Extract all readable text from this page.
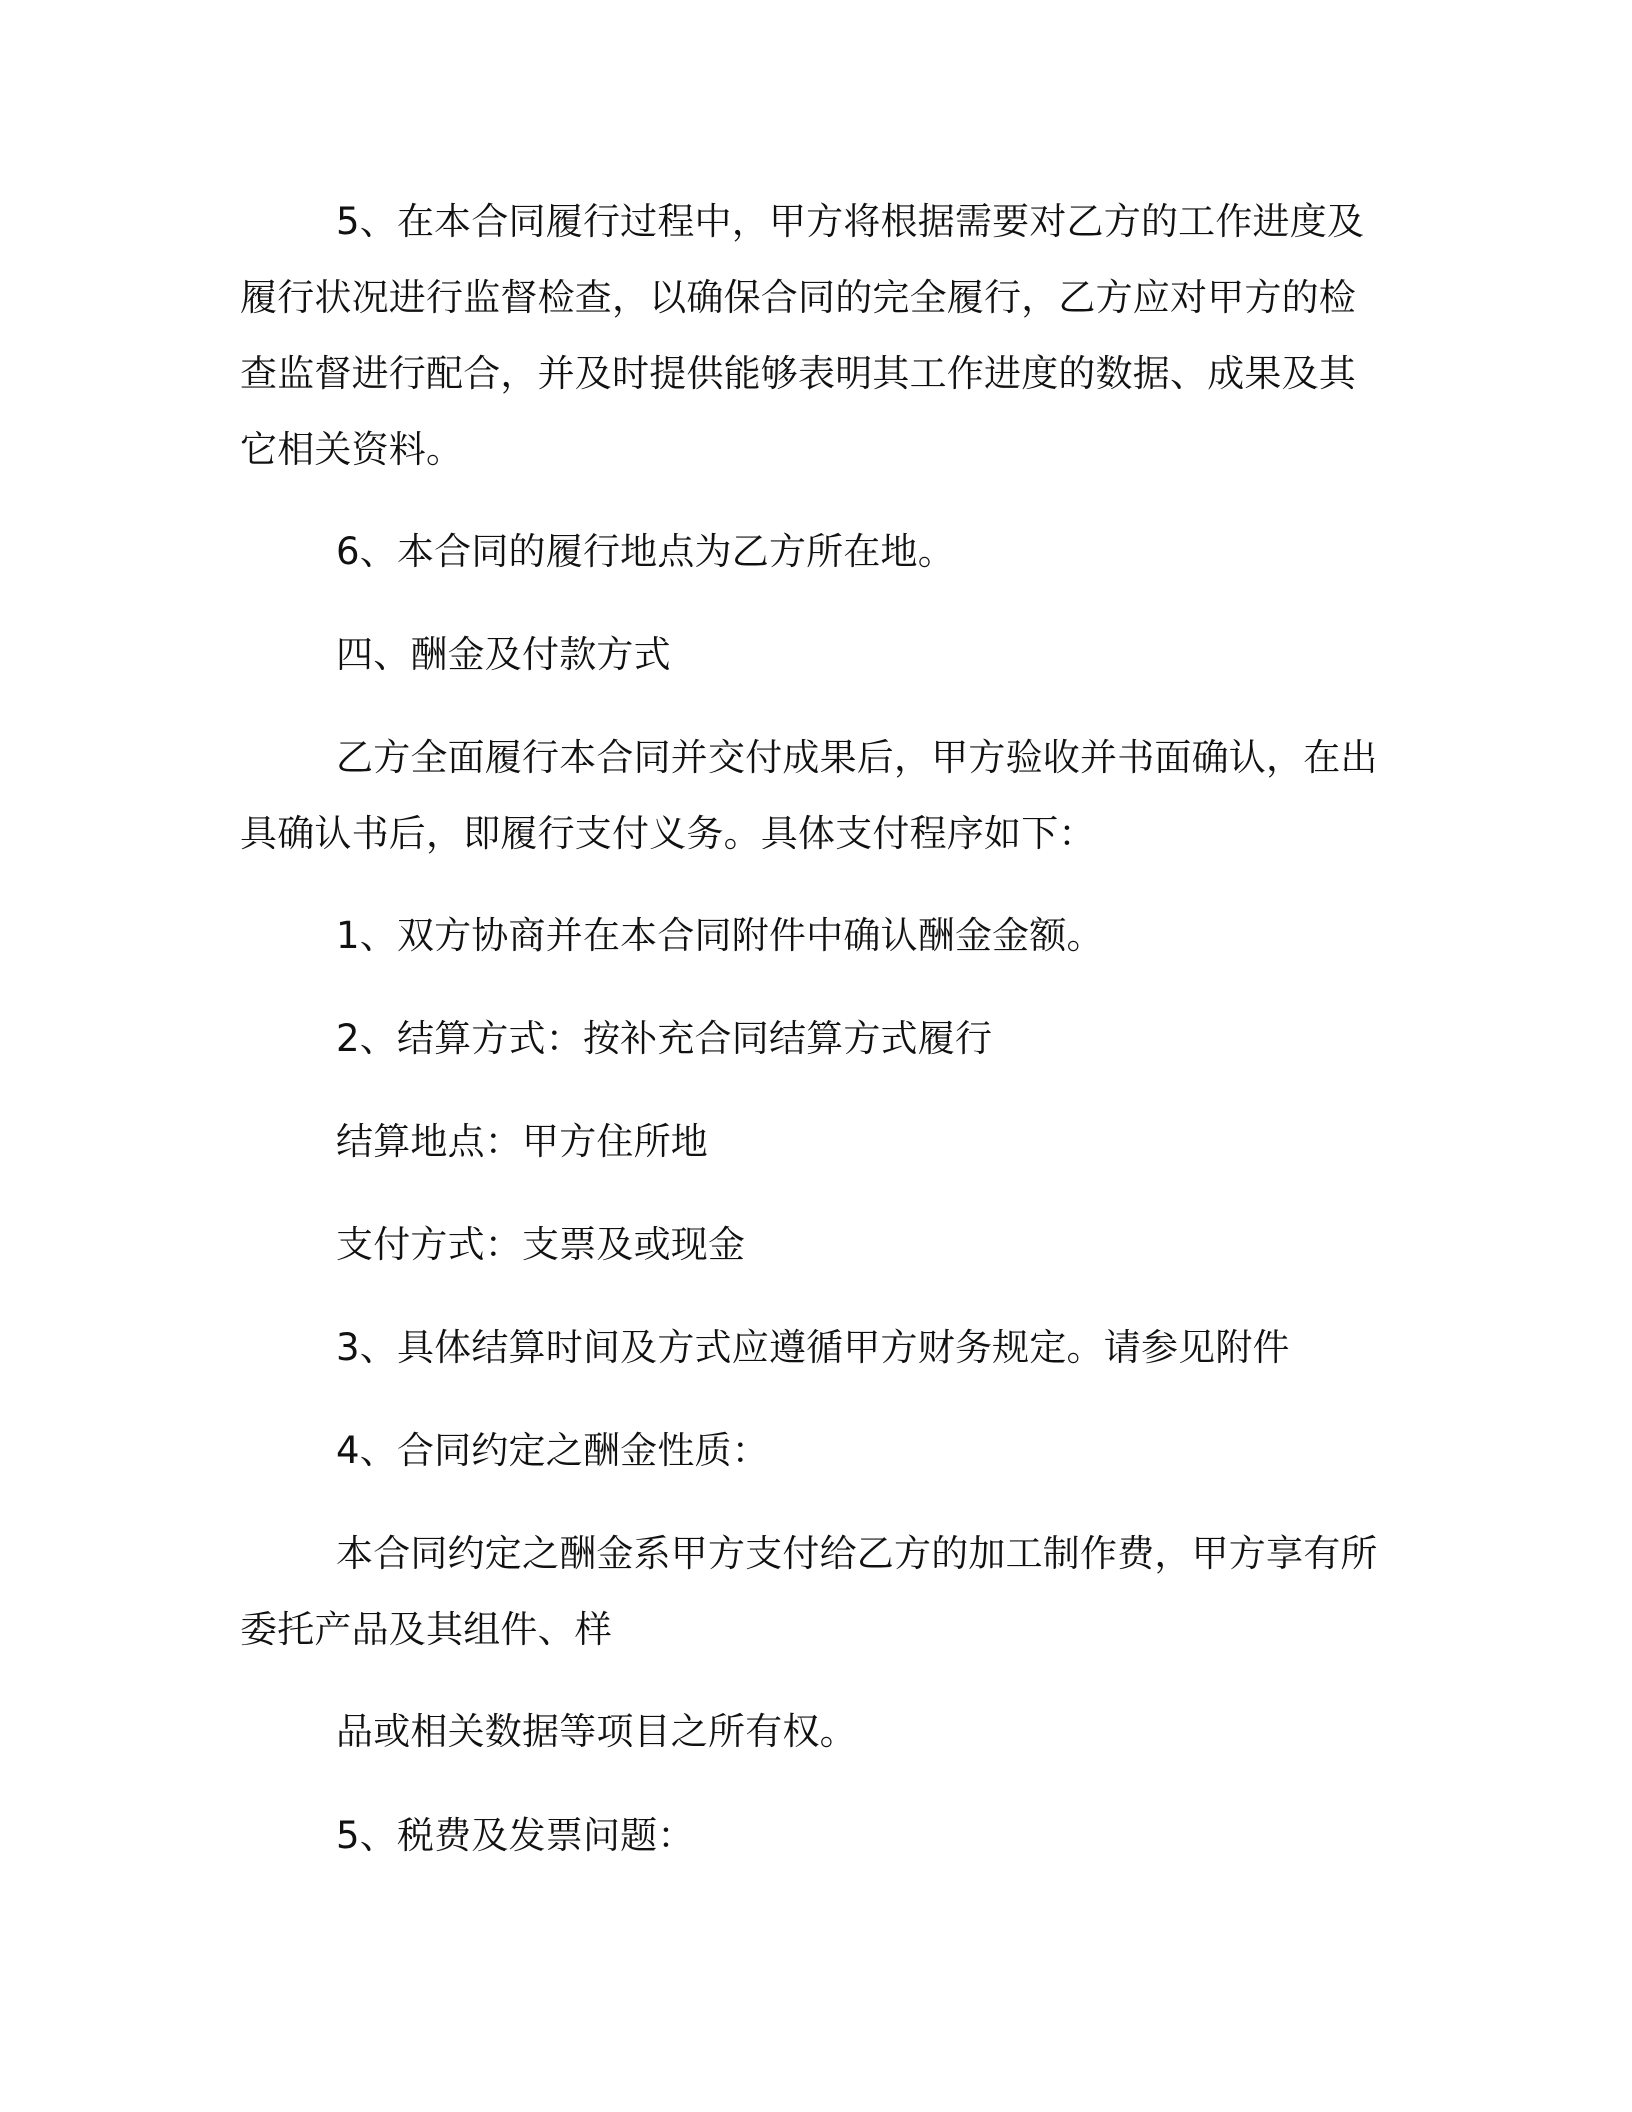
5、在本合同履行过程中，甲方将根据需要对乙方的工作进度及
履行状况进行监督检查，以确保合同的完全履行，乙方应对甲方的检
查监督进行配合，并及时提供能够表明其工作进度的数据、成果及其
它相关资料。
6、本合同的履行地点为乙方所在地。
四、酬金及付款方式
乙方全面履行本合同并交付成果后，甲方验收并书面确认，在出
具确认书后，即履行支付义务。具体支付程序如下：
1、双方协商并在本合同附件中确认酬金金额。
2、结算方式：按补充合同结算方式履行
结算地点：甲方住所地
支付方式：支票及或现金
3、具体结算时间及方式应遵循甲方财务规定。请参见附件
4、合同约定之酬金性质：
本合同约定之酬金系甲方支付给乙方的加工制作费，甲方享有所
委托产品及其组件、样
品或相关数据等项目之所有权。
5、税费及发票问题：
